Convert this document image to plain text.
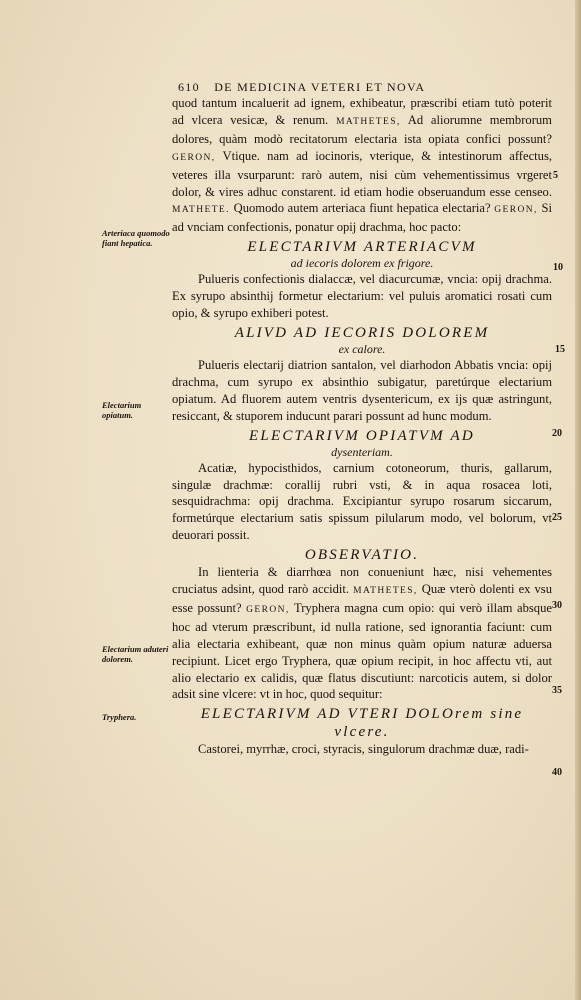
610 DE MEDICINA VETERI ET NOVA

quod tantum incaluerit ad ignem, exhibeatur, præscribi etiam tutò poterit ad vlcera vesicæ, & renum. MATHETES, Ad aliorumne membrorum dolores, quàm modò recitatorum electaria ista opiata confici possunt? GERON, Vtique. nam ad iocinoris, vterique, & intestinorum affectus, veteres illa vsurparunt: rarò autem, nisi cùm vehementissimus vrgeret dolor, & vires adhuc constarent. id etiam hodie obseruandum esse censeo. MATHETE. Quomodo autem arteriaca fiunt hepatica electaria? GERON, Si ad vnciam confectionis, ponatur opij drachma, hoc pacto:

ELECTARIVM ARTERIACVM
ad iecoris dolorem ex frigore.

Pulueris confectionis dialaccæ, vel diacurcumæ, vncia: opij drachma. Ex syrupo absinthij formetur electarium: vel puluis aromatici rosati cum opio, & syrupo exhiberi potest.

ALIVD AD IECORIS DOLOREM
ex calore.

Pulueris electarij diatrion santalon, vel diarhodon Abbatis vncia: opij drachma, cum syrupo ex absinthio subigatur, paretúrque electarium opiatum. Ad fluorem autem ventris dysentericum, ex ijs quæ astringunt, resiccant, & stuporem inducunt parari possunt ad hunc modum.

ELECTARIVM OPIATVM AD
dysenteriam.

Acatiæ, hypocisthidos, carnium cotoneorum, thuris, gallarum, singulæ drachmæ: corallij rubri vsti, & in aqua rosacea loti, sesquidrachma: opij drachma. Excipiantur syrupo rosarum siccarum, formetúrque electarium satis spissum pilularum modo, vel bolorum, vt deuorari possit.

OBSERVATIO.

In lienteria & diarrhœa non conueniunt hæc, nisi vehementes cruciatus adsint, quod rarò accidit. MATHETES, Quæ vterò dolenti ex vsu esse possunt? GERON, Tryphera magna cum opio: qui verò illam absque hoc ad vterum præscribunt, id nulla ratione, sed ignorantia faciunt: cum alia electaria exhibeant, quæ non minus quàm opium naturæ aduersa recipiunt. Licet ergo Tryphera, quæ opium recipit, in hoc affectu vti, aut alio electario ex calidis, quæ flatus discutiunt: narcoticis autem, si dolor adsit sine vlcere: vt in hoc, quod sequitur:

ELECTARIVM AD VTERI DOLOrem sine vlcere.

Castorei, myrrhæ, croci, styracis, singulorum drachmæ duæ, radi-

Arteriaca quomodo fiant hepatica.
Electarium opiatum.
Electarium aduteri dolorem.
Tryphera.
5
10
15
20
25
30
35
40
